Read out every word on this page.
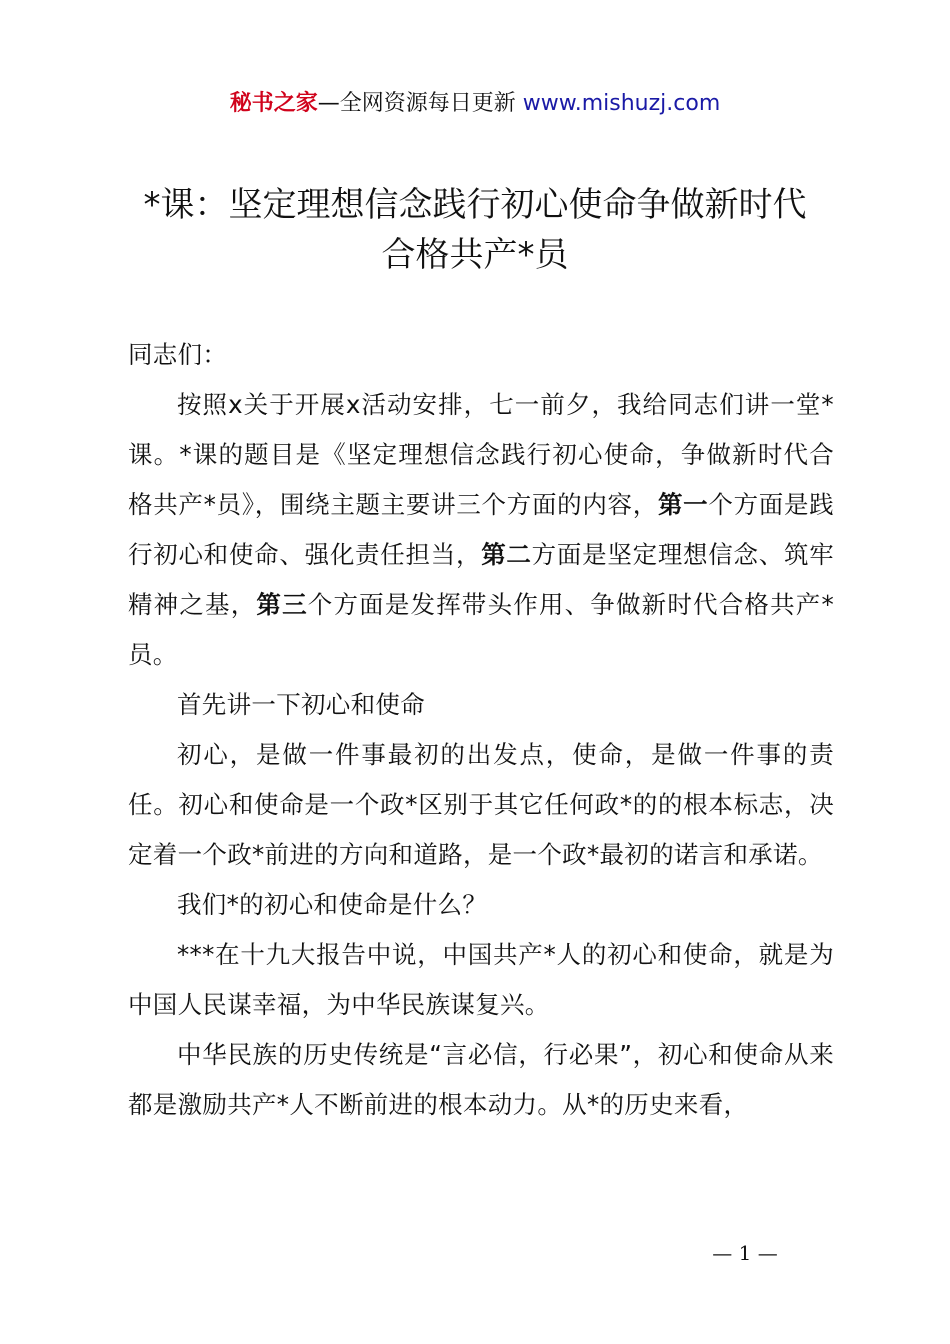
秘书之家—全网资源每日更新 www.mishuzj.com
*课：坚定理想信念践行初心使命争做新时代
合格共产*员

同志们：

按照x关于开展x活动安排，七一前夕，我给同志们讲一堂*课。*课的题目是《坚定理想信念践行初心使命，争做新时代合格共产*员》，围绕主题主要讲三个方面的内容，第一个方面是践行初心和使命、强化责任担当，第二方面是坚定理想信念、筑牢精神之基，第三个方面是发挥带头作用、争做新时代合格共产*员。

首先讲一下初心和使命

初心，是做一件事最初的出发点，使命，是做一件事的责任。初心和使命是一个政*区别于其它任何政*的的根本标志，决定着一个政*前进的方向和道路，是一个政*最初的诺言和承诺。

我们*的初心和使命是什么？

***在十九大报告中说，中国共产*人的初心和使命，就是为中国人民谋幸福，为中华民族谋复兴。

中华民族的历史传统是“言必信，行必果”，初心和使命从来都是激励共产*人不断前进的根本动力。从*的历史来看，

— 1 —
